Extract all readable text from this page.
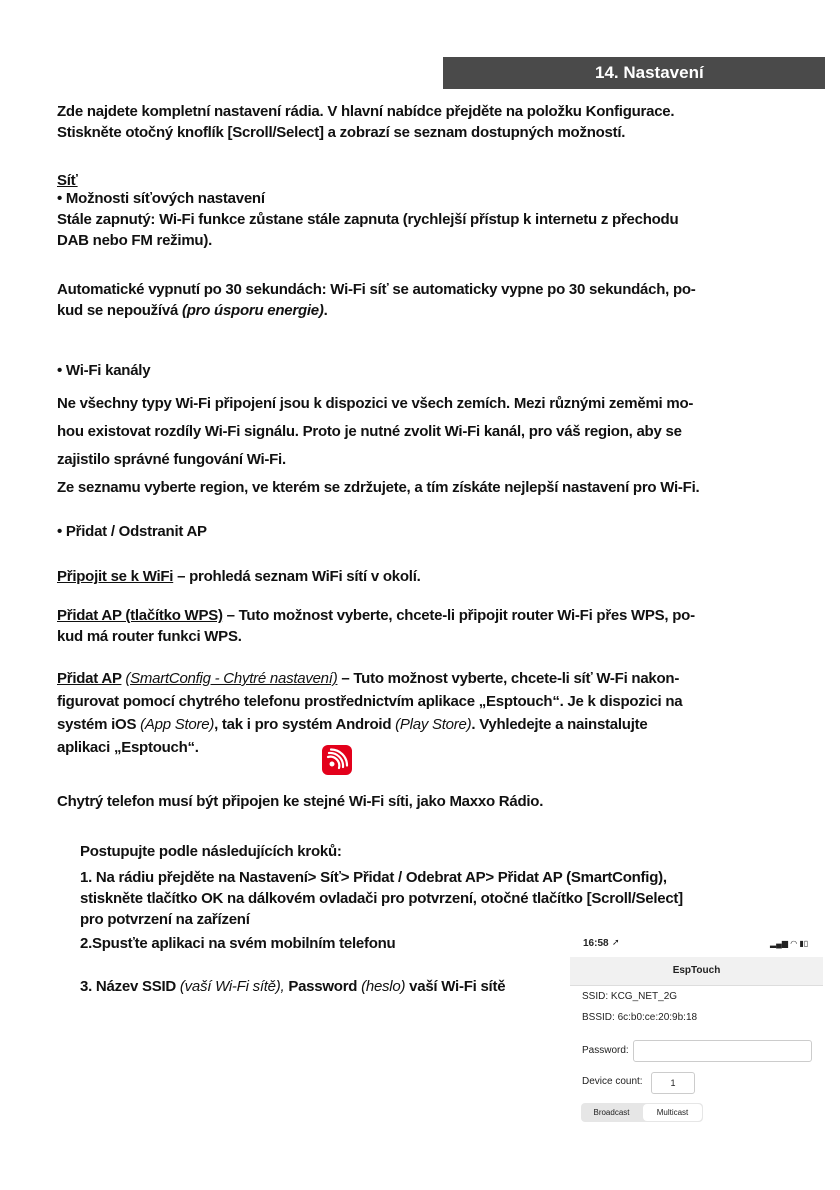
14. Nastavení
Zde najdete kompletní nastavení rádia. V hlavní nabídce přejděte na položku Konfigurace.
Stiskněte otočný knoflík [Scroll/Select] a zobrazí se seznam dostupných možností.
Síť
• Možnosti síťových nastavení
Stále zapnutý: Wi-Fi funkce zůstane stále zapnuta (rychlejší přístup k internetu z přechodu
DAB nebo FM režimu).
Automatické vypnutí po 30 sekundách: Wi-Fi síť se automaticky vypne po 30 sekundách, po-
kud se nepoužívá (pro úsporu energie).
• Wi-Fi kanály
Ne všechny typy Wi-Fi připojení jsou k dispozici ve všech zemích. Mezi různými zeměmi mo-
hou existovat rozdíly Wi-Fi signálu. Proto je nutné zvolit Wi-Fi kanál, pro váš region, aby se
zajistilo správné fungování Wi-Fi.
Ze seznamu vyberte region, ve kterém se zdržujete, a tím získáte nejlepší nastavení pro Wi-Fi.
• Přidat / Odstranit AP
Připojit se k WiFi – prohledá seznam WiFi sítí v okolí.
Přidat AP (tlačítko WPS) – Tuto možnost vyberte, chcete-li připojit router Wi-Fi přes WPS, po-
kud má router funkci WPS.
Přidat AP (SmartConfig - Chytré nastavení) – Tuto možnost vyberte, chcete-li síť W-Fi nakon-
figurovat pomocí chytrého telefonu prostřednictvím aplikace „Esptouch“. Je k dispozici na
systém iOS (App Store), tak i pro systém Android (Play Store). Vyhledejte a nainstalujte
aplikaci „Esptouch“.
Chytrý telefon musí být připojen ke stejné Wi-Fi síti, jako Maxxo Rádio.
Postupujte podle následujících kroků:
1. Na rádiu přejděte na Nastavení> Síť> Přidat / Odebrat AP> Přidat AP (SmartConfig),
stiskněte tlačítko OK na dálkovém ovladači pro potvrzení, otočné tlačítko [Scroll/Select]
pro potvrzení na zařízení
2.Spusťte aplikaci na svém mobilním telefonu
3. Název SSID (vaší Wi-Fi sítě), Password (heslo) vaší Wi-Fi sítě
16:58 ➚	▂▄▆ ◠ ▮▯
EspTouch
SSID: KCG_NET_2G
BSSID: 6c:b0:ce:20:9b:18
Password:
Device count:	1
Broadcast	Multicast
